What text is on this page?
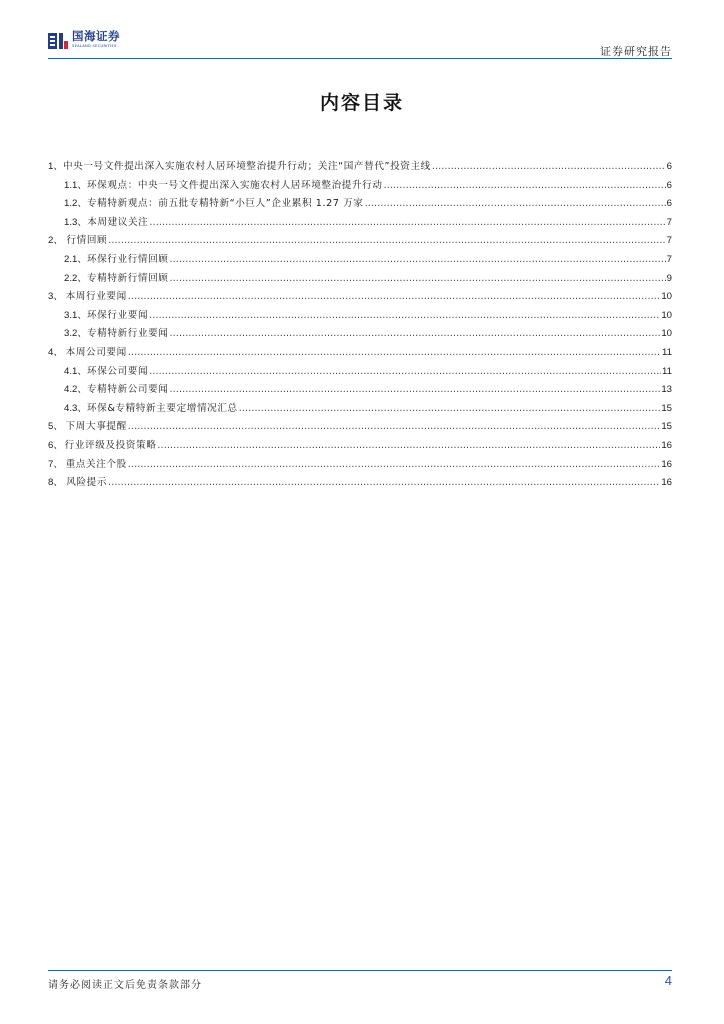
国海证券
SEALAND SECURITIES	证券研究报告
内容目录
1、 中央一号文件提出深入实施农村人居环境整治提升行动；关注“国产替代”投资主线 .....	6
1.1、 环保观点：中央一号文件提出深入实施农村人居环境整治提升行动 .....	6
1.2、 专精特新观点：前五批专精特新“小巨人”企业累积 1.27 万家 .....	6
1.3、 本周建议关注 .....	7
2、 行情回顾 .....	7
2.1、 环保行业行情回顾 .....	7
2.2、 专精特新行情回顾 .....	9
3、 本周行业要闻 .....	10
3.1、 环保行业要闻 .....	10
3.2、 专精特新行业要闻 .....	10
4、 本周公司要闻 .....	11
4.1、 环保公司要闻 .....	11
4.2、 专精特新公司要闻 .....	13
4.3、 环保&专精特新主要定增情况汇总 .....	15
5、 下周大事提醒 .....	15
6、 行业评级及投资策略 .....	16
7、 重点关注个股 .....	16
8、 风险提示 .....	16
请务必阅读正文后免责条款部分	4
